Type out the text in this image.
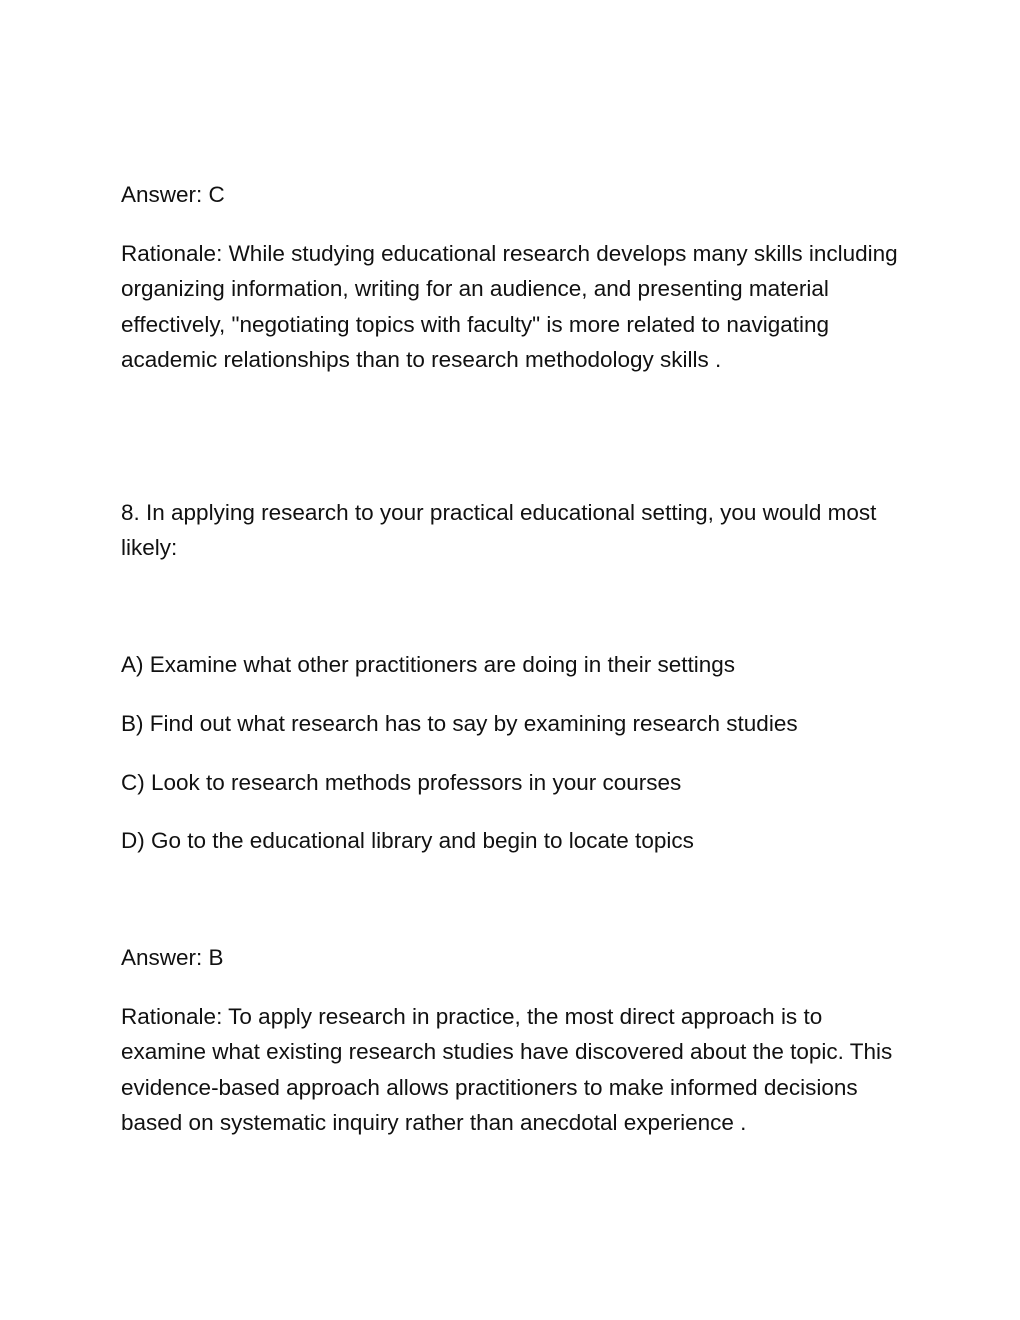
Answer: C

Rationale: While studying educational research develops many skills including organizing information, writing for an audience, and presenting material effectively, "negotiating topics with faculty" is more related to navigating academic relationships than to research methodology skills .

8. In applying research to your practical educational setting, you would most likely:

A) Examine what other practitioners are doing in their settings

B) Find out what research has to say by examining research studies

C) Look to research methods professors in your courses

D) Go to the educational library and begin to locate topics

Answer: B

Rationale: To apply research in practice, the most direct approach is to examine what existing research studies have discovered about the topic. This evidence-based approach allows practitioners to make informed decisions based on systematic inquiry rather than anecdotal experience .
